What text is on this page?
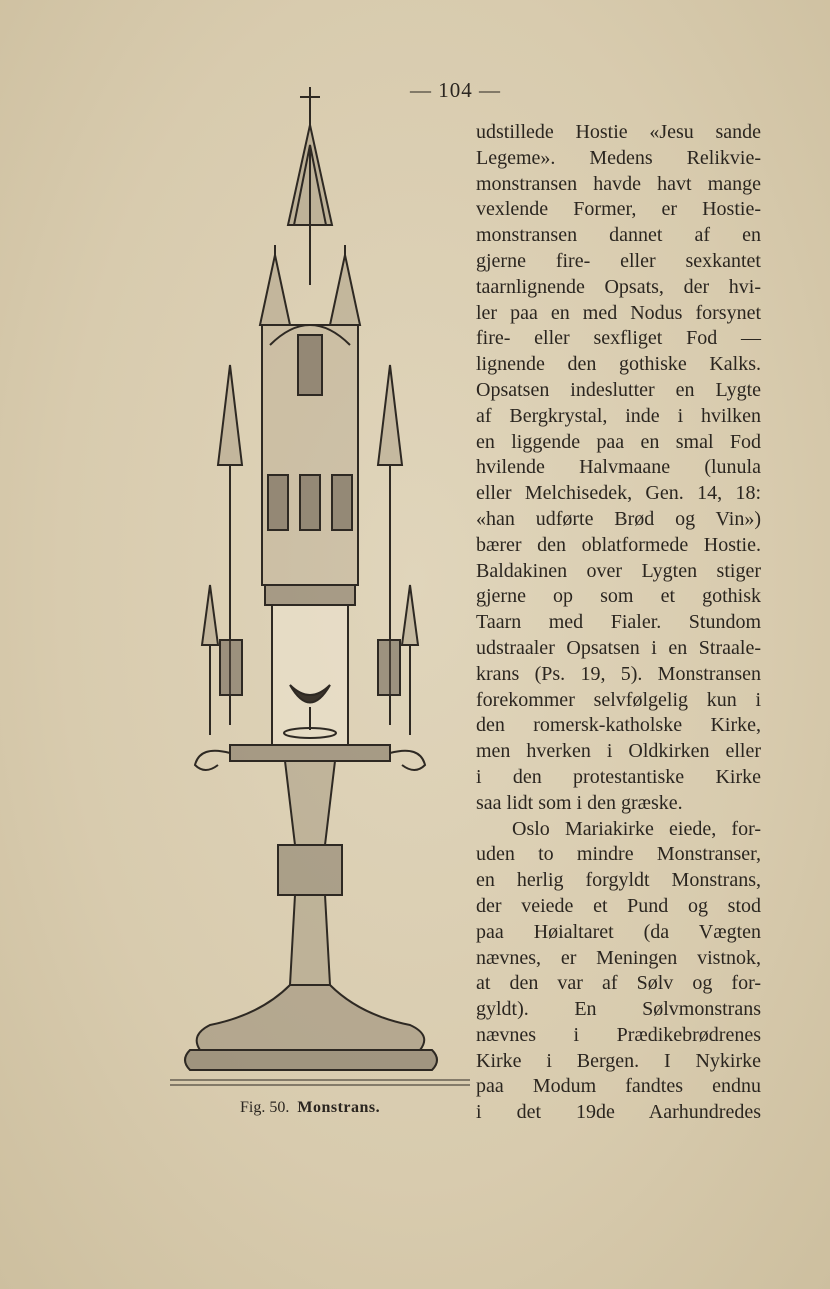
— 104 —
Fig. 50. Monstrans.
udstillede Hostie «Jesu sande
Legeme». Medens Relikvie-
monstransen havde havt mange
vexlende Former, er Hostie-
monstransen dannet af en
gjerne fire- eller sexkantet
taarnlignende Opsats, der hvi-
ler paa en med Nodus forsynet
fire- eller sexfliget Fod —
lignende den gothiske Kalks.
Opsatsen indeslutter en Lygte
af Bergkrystal, inde i hvilken
en liggende paa en smal Fod
hvilende Halvmaane (lunula
eller Melchisedek, Gen. 14, 18:
«han udførte Brød og Vin»)
bærer den oblatformede Hostie.
Baldakinen over Lygten stiger
gjerne op som et gothisk
Taarn med Fialer. Stundom
udstraaler Opsatsen i en Straale-
krans (Ps. 19, 5). Monstransen
forekommer selvfølgelig kun i
den romersk-katholske Kirke,
men hverken i Oldkirken eller
i den protestantiske Kirke
saa lidt som i den græske.
Oslo Mariakirke eiede, for-
uden to mindre Monstranser,
en herlig forgyldt Monstrans,
der veiede et Pund og stod
paa Høialtaret (da Vægten
nævnes, er Meningen vistnok,
at den var af Sølv og for-
gyldt). En Sølvmonstrans
nævnes i Prædikebrødrenes
Kirke i Bergen. I Nykirke
paa Modum fandtes endnu
i det 19de Aarhundredes
